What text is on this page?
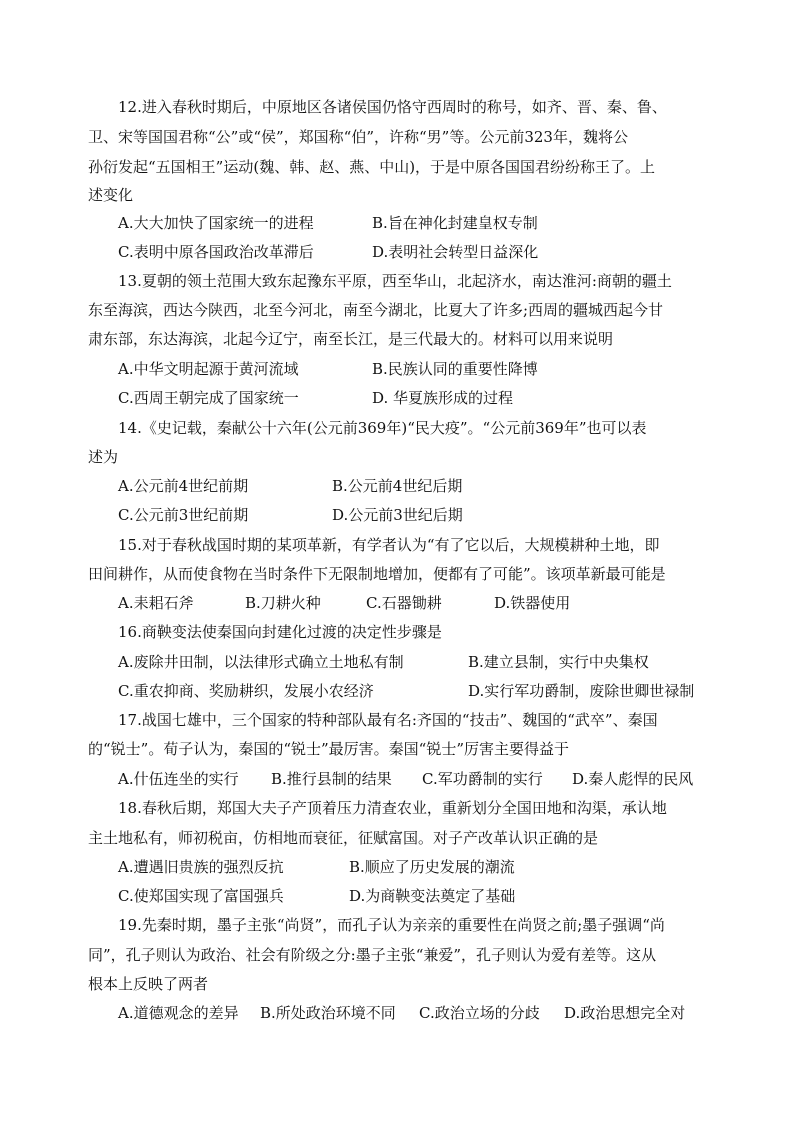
12.进入春秋时期后，中原地区各诸侯国仍恪守西周时的称号，如齐、晋、秦、鲁、
卫、宋等国国君称“公”或“侯”，郑国称“伯”，许称“男”等。公元前323年，魏将公
孙衍发起“五国相王”运动(魏、韩、赵、燕、中山)，于是中原各国国君纷纷称王了。上
述变化
A.大大加快了国家统一的进程	B.旨在神化封建皇权专制
C.表明中原各国政治改革滞后	D.表明社会转型日益深化
13.夏朝的领土范围大致东起豫东平原，西至华山，北起济水，南达淮河:商朝的疆土
东至海滨，西达今陕西，北至今河北，南至今湖北，比夏大了许多;西周的疆城西起今甘
肃东部，东达海滨，北起今辽宁，南至长江，是三代最大的。材料可以用来说明
A.中华文明起源于黄河流域	B.民族认同的重要性降博
C.西周王朝完成了国家统一	D. 华夏族形成的过程
14.《史记载，秦献公十六年(公元前369年)“民大疫”。“公元前369年”也可以表
述为
A.公元前4世纪前期	B.公元前4世纪后期
C.公元前3世纪前期	D.公元前3世纪后期
15.对于春秋战国时期的某项革新，有学者认为“有了它以后，大规模耕种土地，即
田间耕作，从而使食物在当时条件下无限制地增加，便都有了可能”。该项革新最可能是
A.耒耜石斧	B.刀耕火种	C.石器锄耕	D.铁器使用
16.商鞅变法使秦国向封建化过渡的决定性步骤是
A.废除井田制，以法律形式确立土地私有制	B.建立县制，实行中央集权
C.重农抑商、奖励耕织，发展小农经济	D.实行军功爵制，废除世卿世禄制
17.战国七雄中，三个国家的特种部队最有名:齐国的“技击”、魏国的“武卒”、秦国
的“锐士”。荀子认为，秦国的“锐士”最厉害。秦国“锐士”厉害主要得益于
A.什伍连坐的实行 B.推行县制的结果 C.军功爵制的实行 D.秦人彪悍的民风
18.春秋后期，郑国大夫子产顶着压力清查农业，重新划分全国田地和沟渠，承认地
主土地私有，师初税亩，仿相地而衰征，征赋富国。对子产改革认识正确的是
A.遭遇旧贵族的强烈反抗	B.顺应了历史发展的潮流
C.使郑国实现了富国强兵	D.为商鞅变法奠定了基础
19.先秦时期，墨子主张“尚贤”，而孔子认为亲亲的重要性在尚贤之前;墨子强调“尚
同”，孔子则认为政治、社会有阶级之分:墨子主张“兼爱”，孔子则认为爱有差等。这从
根本上反映了两者
A.道德观念的差异 B.所处政治环境不同 C.政治立场的分歧 D.政治思想完全对
